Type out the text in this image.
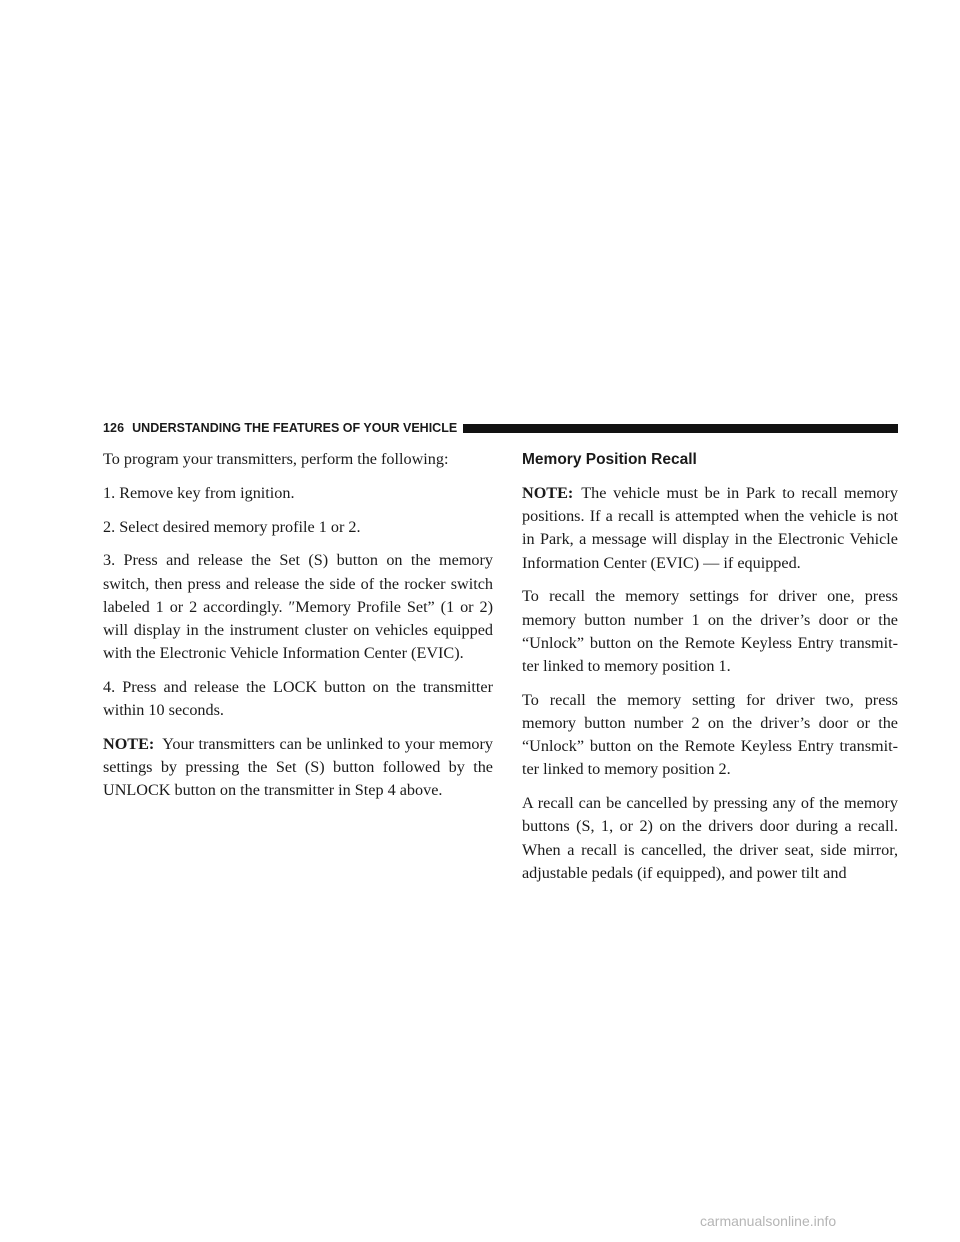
126 UNDERSTANDING THE FEATURES OF YOUR VEHICLE

To program your transmitters, perform the following:

1. Remove key from ignition.

2. Select desired memory profile 1 or 2.

3. Press and release the Set (S) button on the memory switch, then press and release the side of the rocker switch labeled 1 or 2 accordingly. ″Memory Profile Set” (1 or 2) will display in the instrument cluster on vehicles equipped with the Electronic Vehicle Information Center (EVIC).

4. Press and release the LOCK button on the transmitter within 10 seconds.

NOTE: Your transmitters can be unlinked to your memory settings by pressing the Set (S) button followed by the UNLOCK button on the transmitter in Step 4 above.

Memory Position Recall

NOTE: The vehicle must be in Park to recall memory positions. If a recall is attempted when the vehicle is not in Park, a message will display in the Electronic Vehicle Information Center (EVIC) — if equipped.

To recall the memory settings for driver one, press memory button number 1 on the driver’s door or the “Unlock” button on the Remote Keyless Entry transmit-ter linked to memory position 1.

To recall the memory setting for driver two, press memory button number 2 on the driver’s door or the “Unlock” button on the Remote Keyless Entry transmit-ter linked to memory position 2.

A recall can be cancelled by pressing any of the memory buttons (S, 1, or 2) on the drivers door during a recall. When a recall is cancelled, the driver seat, side mirror, adjustable pedals (if equipped), and power tilt and

carmanualsonline.info
